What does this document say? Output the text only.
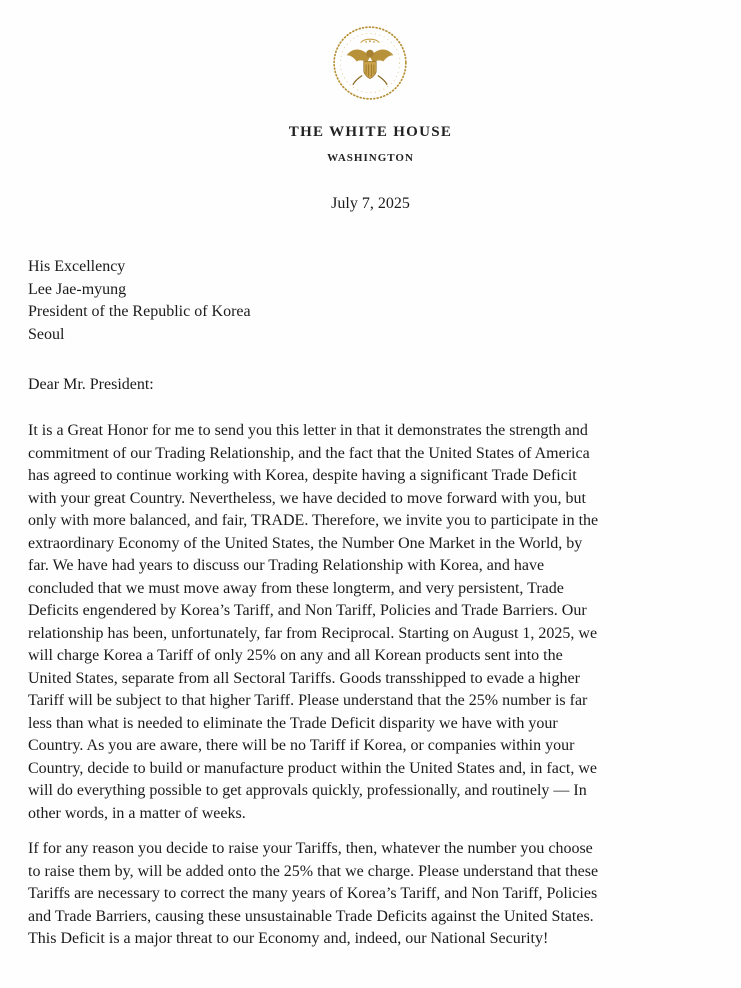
THE WHITE HOUSE
WASHINGTON
July 7, 2025
His Excellency
Lee Jae-myung
President of the Republic of Korea
Seoul
Dear Mr. President:
It is a Great Honor for me to send you this letter in that it demonstrates the strength and
commitment of our Trading Relationship, and the fact that the United States of America
has agreed to continue working with Korea, despite having a significant Trade Deficit
with your great Country. Nevertheless, we have decided to move forward with you, but
only with more balanced, and fair, TRADE. Therefore, we invite you to participate in the
extraordinary Economy of the United States, the Number One Market in the World, by
far. We have had years to discuss our Trading Relationship with Korea, and have
concluded that we must move away from these longterm, and very persistent, Trade
Deficits engendered by Korea’s Tariff, and Non Tariff, Policies and Trade Barriers. Our
relationship has been, unfortunately, far from Reciprocal. Starting on August 1, 2025, we
will charge Korea a Tariff of only 25% on any and all Korean products sent into the
United States, separate from all Sectoral Tariffs. Goods transshipped to evade a higher
Tariff will be subject to that higher Tariff. Please understand that the 25% number is far
less than what is needed to eliminate the Trade Deficit disparity we have with your
Country. As you are aware, there will be no Tariff if Korea, or companies within your
Country, decide to build or manufacture product within the United States and, in fact, we
will do everything possible to get approvals quickly, professionally, and routinely — In
other words, in a matter of weeks.
If for any reason you decide to raise your Tariffs, then, whatever the number you choose
to raise them by, will be added onto the 25% that we charge. Please understand that these
Tariffs are necessary to correct the many years of Korea’s Tariff, and Non Tariff, Policies
and Trade Barriers, causing these unsustainable Trade Deficits against the United States.
This Deficit is a major threat to our Economy and, indeed, our National Security!
